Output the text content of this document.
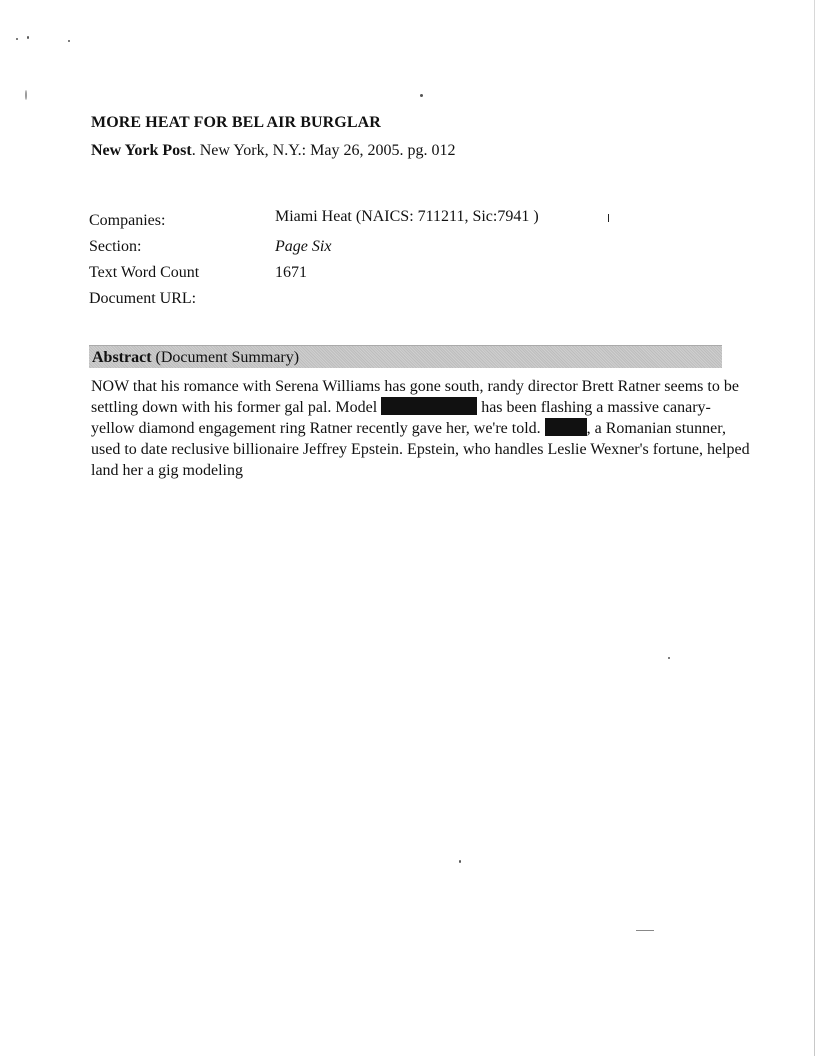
MORE HEAT FOR BEL AIR BURGLAR
New York Post. New York, N.Y.: May 26, 2005. pg. 012
Companies:	Miami Heat (NAICS: 711211, Sic:7941 )
Section:	Page Six
Text Word Count	1671
Document URL:
Abstract (Document Summary)
NOW that his romance with Serena Williams has gone south, randy director Brett Ratner seems to be settling down with his former gal pal. Model	has been flashing a massive canary-yellow diamond engagement ring Ratner recently gave her, we're told.	, a Romanian stunner, used to date reclusive billionaire Jeffrey Epstein. Epstein, who handles Leslie Wexner's fortune, helped land her a gig modeling
